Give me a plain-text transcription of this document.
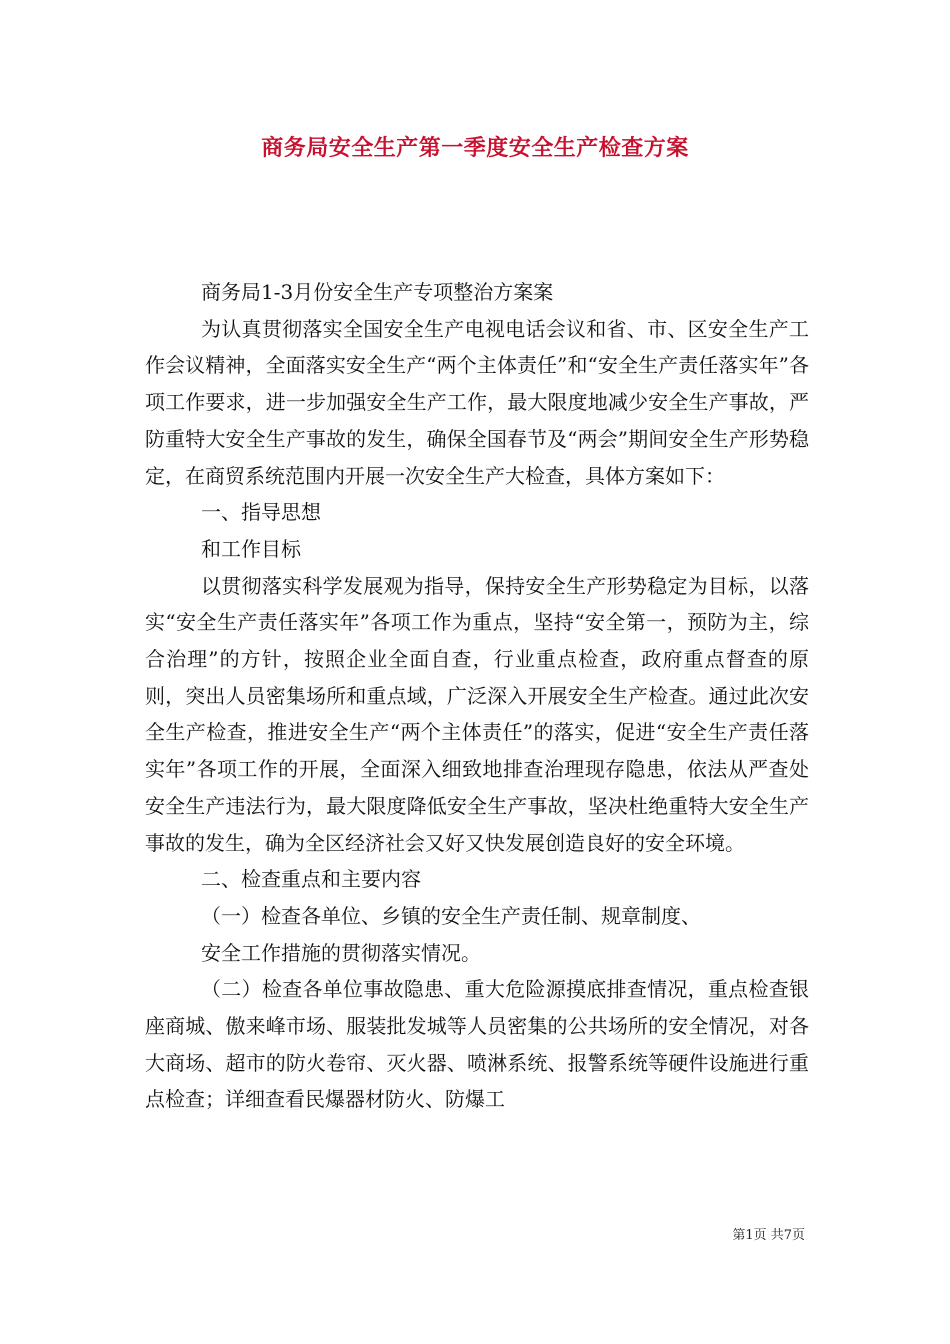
商务局安全生产第一季度安全生产检查方案

商务局1-3月份安全生产专项整治方案案

为认真贯彻落实全国安全生产电视电话会议和省、市、区安全生产工作会议精神，全面落实安全生产“两个主体责任”和“安全生产责任落实年”各项工作要求，进一步加强安全生产工作，最大限度地减少安全生产事故，严防重特大安全生产事故的发生，确保全国春节及“两会”期间安全生产形势稳定，在商贸系统范围内开展一次安全生产大检查，具体方案如下：

一、指导思想

和工作目标

以贯彻落实科学发展观为指导，保持安全生产形势稳定为目标，以落实“安全生产责任落实年”各项工作为重点，坚持“安全第一，预防为主，综合治理”的方针，按照企业全面自查，行业重点检查，政府重点督查的原则，突出人员密集场所和重点域，广泛深入开展安全生产检查。通过此次安全生产检查，推进安全生产“两个主体责任”的落实，促进“安全生产责任落实年”各项工作的开展，全面深入细致地排查治理现存隐患，依法从严查处安全生产违法行为，最大限度降低安全生产事故，坚决杜绝重特大安全生产事故的发生，确为全区经济社会又好又快发展创造良好的安全环境。

二、检查重点和主要内容

（一）检查各单位、乡镇的安全生产责任制、规章制度、

安全工作措施的贯彻落实情况。

（二）检查各单位事故隐患、重大危险源摸底排查情况，重点检查银座商城、傲来峰市场、服装批发城等人员密集的公共场所的安全情况，对各大商场、超市的防火卷帘、灭火器、喷淋系统、报警系统等硬件设施进行重点检查；详细查看民爆器材防火、防爆工

第1页 共7页
